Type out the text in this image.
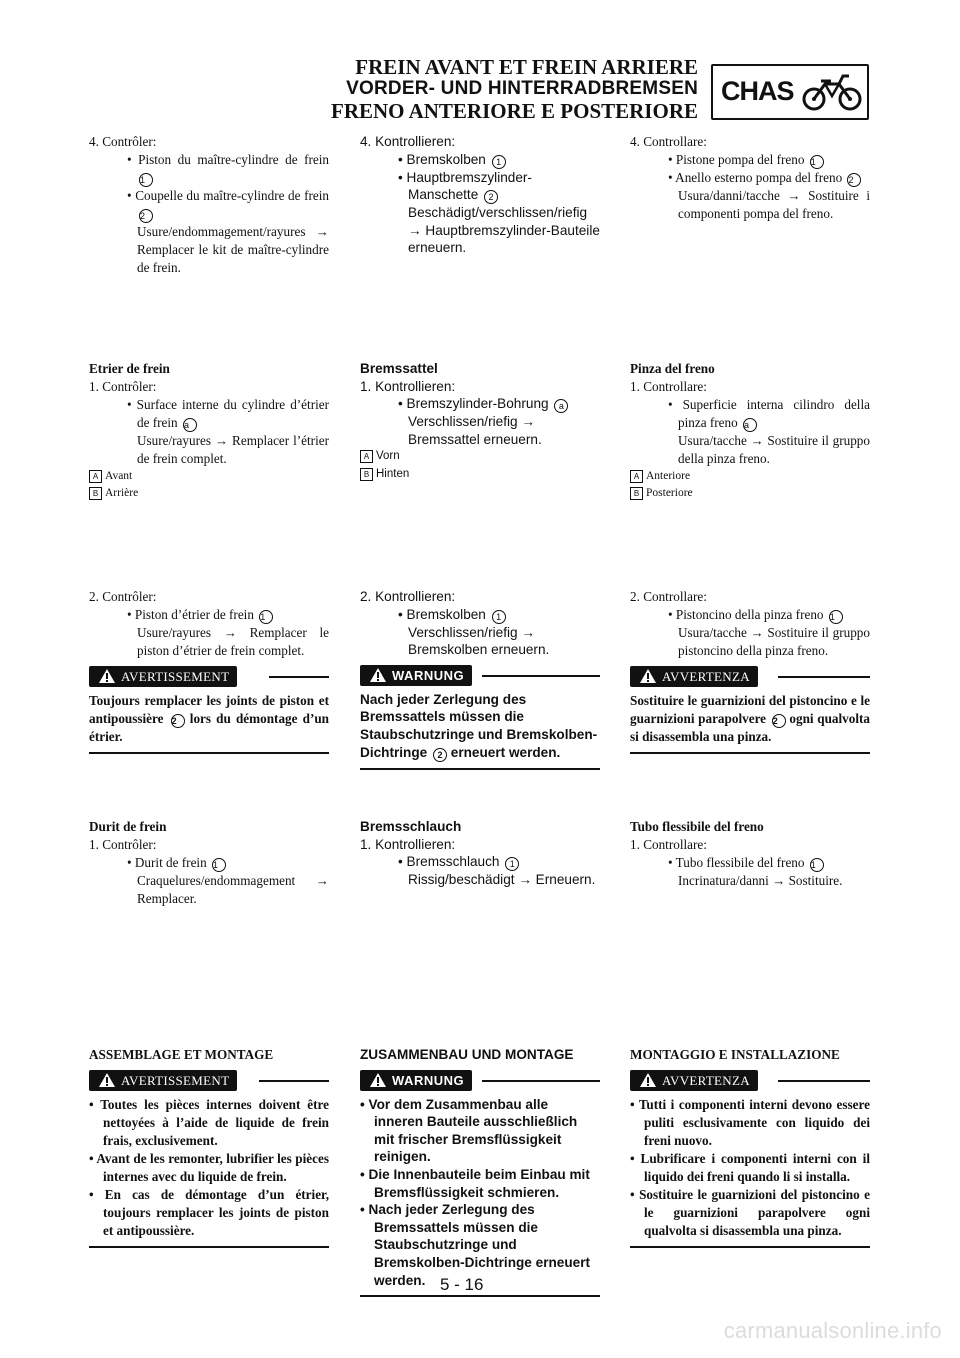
FREIN AVANT ET FREIN ARRIERE
VORDER- UND HINTERRADBREMSEN
FRENO ANTERIORE E POSTERIORE
CHAS
4. Contrôler:
• Piston du maître-cylindre de frein 1
• Coupelle du maître-cylindre de frein 2
Usure/endommagement/rayures → Remplacer le kit de maître-cylindre de frein.
Etrier de frein
1. Contrôler:
• Surface interne du cylindre d’étrier de frein a
Usure/rayures → Remplacer l’étrier de frein complet.
A Avant
B Arrière
2. Contrôler:
• Piston d’étrier de frein 1
Usure/rayures → Remplacer le piston d’étrier de frein complet.
AVERTISSEMENT
Toujours remplacer les joints de piston et antipoussière 2 lors du démontage d’un étrier.
Durit de frein
1. Contrôler:
• Durit de frein 1
Craquelures/endommagement → Remplacer.
ASSEMBLAGE ET MONTAGE
AVERTISSEMENT
• Toutes les pièces internes doivent être nettoyées à l’aide de liquide de frein frais, exclusivement.
• Avant de les remonter, lubrifier les pièces internes avec du liquide de frein.
• En cas de démontage d’un étrier, toujours remplacer les joints de piston et antipoussière.
4. Kontrollieren:
• Bremskolben 1
• Hauptbremszylinder-Manschette 2
Beschädigt/verschlissen/riefig → Hauptbremszylinder-Bauteile erneuern.
Bremssattel
1. Kontrollieren:
• Bremszylinder-Bohrung a
Verschlissen/riefig → Bremssattel erneuern.
A Vorn
B Hinten
2. Kontrollieren:
• Bremskolben 1
Verschlissen/riefig → Bremskolben erneuern.
WARNUNG
Nach jeder Zerlegung des Bremssattels müssen die Staubschutzringe und Bremskolben-Dichtringe 2 erneuert werden.
Bremsschlauch
1. Kontrollieren:
• Bremsschlauch 1
Rissig/beschädigt → Erneuern.
ZUSAMMENBAU UND MONTAGE
WARNUNG
• Vor dem Zusammenbau alle inneren Bauteile ausschließlich mit frischer Bremsflüssigkeit reinigen.
• Die Innenbauteile beim Einbau mit Bremsflüssigkeit schmieren.
• Nach jeder Zerlegung des Bremssattels müssen die Staubschutzringe und Bremskolben-Dichtringe erneuert werden.
4. Controllare:
• Pistone pompa del freno 1
• Anello esterno pompa del freno 2
Usura/danni/tacche → Sostituire i componenti pompa del freno.
Pinza del freno
1. Controllare:
• Superficie interna cilindro della pinza freno a
Usura/tacche → Sostituire il gruppo della pinza freno.
A Anteriore
B Posteriore
2. Controllare:
• Pistoncino della pinza freno 1
Usura/tacche → Sostituire il gruppo pistoncino della pinza freno.
AVVERTENZA
Sostituire le guarnizioni del pistoncino e le guarnizioni parapolvere 2 ogni qualvolta si disassembla una pinza.
Tubo flessibile del freno
1. Controllare:
• Tubo flessibile del freno 1
Incrinatura/danni → Sostituire.
MONTAGGIO E INSTALLAZIONE
AVVERTENZA
• Tutti i componenti interni devono essere puliti esclusivamente con liquido dei freni nuovo.
• Lubrificare i componenti interni con il liquido dei freni quando li si installa.
• Sostituire le guarnizioni del pistoncino e le guarnizioni parapolvere ogni qualvolta si disassembla una pinza.
5 - 16
carmanualsonline.info
